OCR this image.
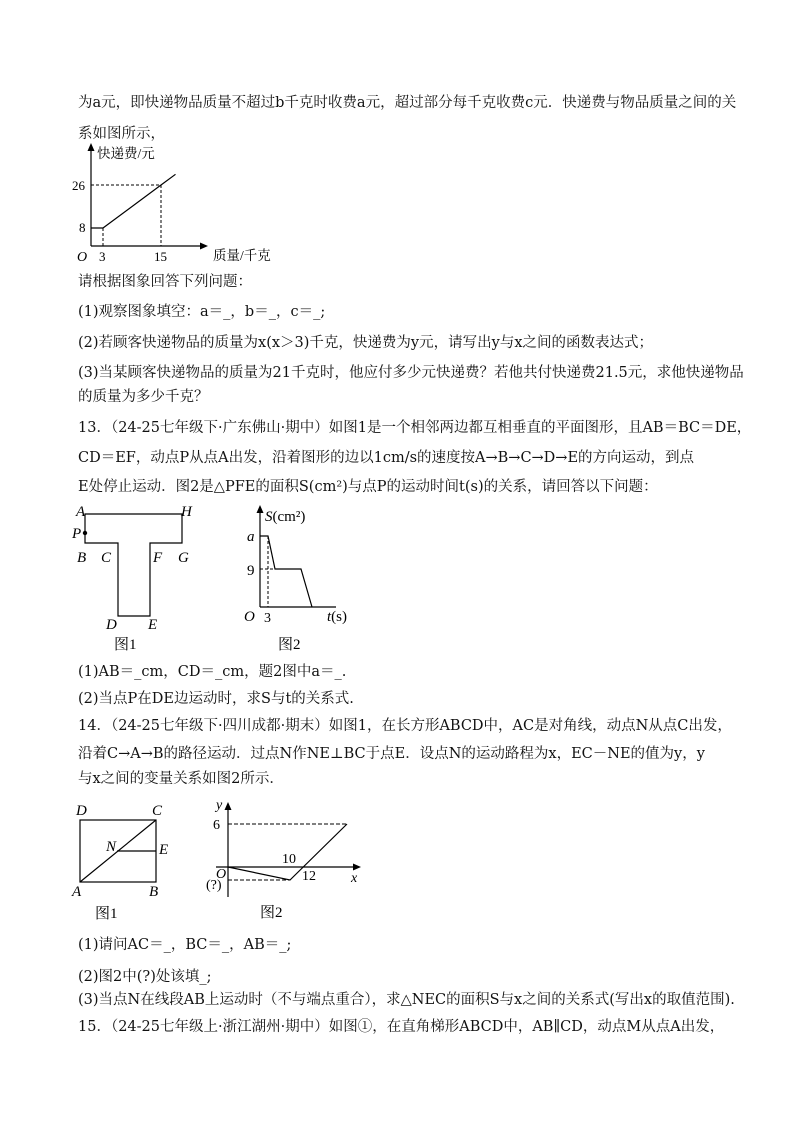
为a元，即快递物品质量不超过b千克时收费a元，超过部分每千克收费c元．快递费与物品质量之间的关
系如图所示，
快递费/元
质量/千克
O
26
8
3	15
请根据图象回答下列问题：
(1)观察图象填空：a＝_，b＝_，c＝_;
(2)若顾客快递物品的质量为x(x＞3)千克，快递费为y元，请写出y与x之间的函数表达式；
(3)当某顾客快递物品的质量为21千克时，他应付多少元快递费？若他共付快递费21.5元，求他快递物品
的质量为多少千克？
13．（24-25七年级下·广东佛山·期中）如图1是一个相邻两边都互相垂直的平面图形，且AB＝BC＝DE，
CD＝EF，动点P从点A出发，沿着图形的边以1cm/s的速度按A→B→C→D→E的方向运动，到点
E处停止运动．图2是△PFE的面积S(cm²)与点P的运动时间t(s)的关系，请回答以下问题：
A	H
P
B C	F G
D E
图1
S(cm²)
a
9
O 3	t(s)
图2
(1)AB＝_cm，CD＝_cm，题2图中a＝_.
(2)当点P在DE边运动时，求S与t的关系式.
14．（24-25七年级下·四川成都·期末）如图1，在长方形ABCD中，AC是对角线，动点N从点C出发，
沿着C→A→B的路径运动．过点N作NE⊥BC于点E．设点N的运动路程为x，EC－NE的值为y，y
与x之间的变量关系如图2所示．
D	C
N	E
A	B
图1
y
6
10
O
(?)
12	x
图2
(1)请问AC＝_，BC＝_，AB＝_;
(2)图2中(?)处该填_;
(3)当点N在线段AB上运动时（不与端点重合），求△NEC的面积S与x之间的关系式(写出x的取值范围).
15．（24-25七年级上·浙江湖州·期中）如图①，在直角梯形ABCD中，AB∥CD，动点M从点A出发，
